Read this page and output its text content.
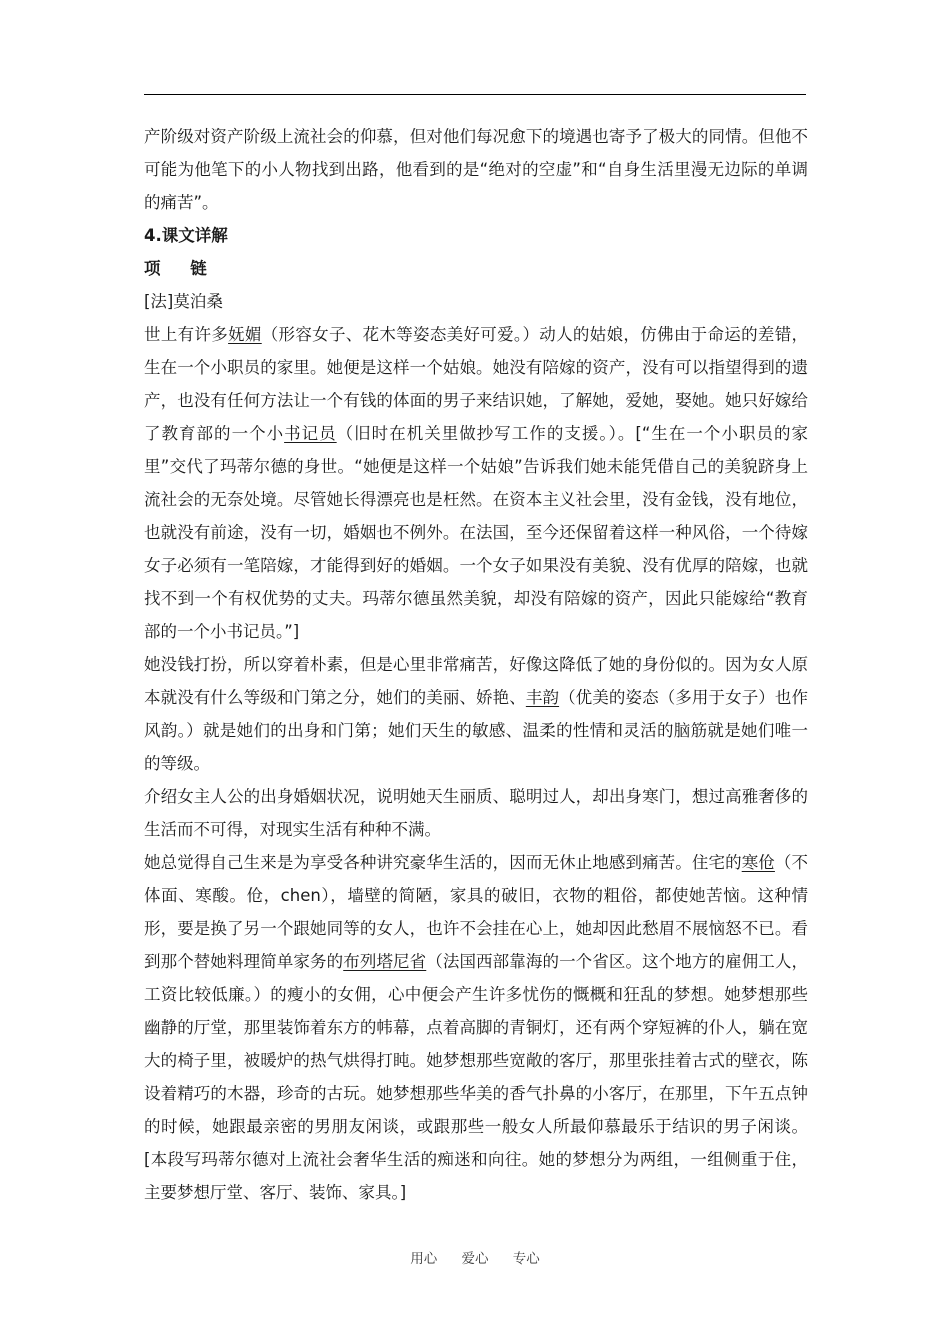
产阶级对资产阶级上流社会的仰慕，但对他们每况愈下的境遇也寄予了极大的同情。但他不可能为他笔下的小人物找到出路，他看到的是“绝对的空虚”和“自身生活里漫无边际的单调的痛苦”。

4.课文详解

项 链

[法]莫泊桑

世上有许多妩媚（形容女子、花木等姿态美好可爱。）动人的姑娘，仿佛由于命运的差错，生在一个小职员的家里。她便是这样一个姑娘。她没有陪嫁的资产，没有可以指望得到的遗产，也没有任何方法让一个有钱的体面的男子来结识她，了解她，爱她，娶她。她只好嫁给了教育部的一个小书记员（旧时在机关里做抄写工作的支援。）。[“生在一个小职员的家里”交代了玛蒂尔德的身世。“她便是这样一个姑娘”告诉我们她未能凭借自己的美貌跻身上流社会的无奈处境。尽管她长得漂亮也是枉然。在资本主义社会里，没有金钱，没有地位，也就没有前途，没有一切，婚姻也不例外。在法国，至今还保留着这样一种风俗，一个待嫁女子必须有一笔陪嫁，才能得到好的婚姻。一个女子如果没有美貌、没有优厚的陪嫁，也就找不到一个有权优势的丈夫。玛蒂尔德虽然美貌，却没有陪嫁的资产，因此只能嫁给“教育部的一个小书记员。”]

她没钱打扮，所以穿着朴素，但是心里非常痛苦，好像这降低了她的身份似的。因为女人原本就没有什么等级和门第之分，她们的美丽、娇艳、丰韵（优美的姿态（多用于女子）也作风韵。）就是她们的出身和门第；她们天生的敏感、温柔的性情和灵活的脑筋就是她们唯一的等级。

介绍女主人公的出身婚姻状况，说明她天生丽质、聪明过人，却出身寒门，想过高雅奢侈的生活而不可得，对现实生活有种种不满。

她总觉得自己生来是为享受各种讲究豪华生活的，因而无休止地感到痛苦。住宅的寒伧（不体面、寒酸。伧，chen），墙壁的简陋，家具的破旧，衣物的粗俗，都使她苦恼。这种情形，要是换了另一个跟她同等的女人，也许不会挂在心上，她却因此愁眉不展恼怒不已。看到那个替她料理简单家务的布列塔尼省（法国西部靠海的一个省区。这个地方的雇佣工人，工资比较低廉。）的瘦小的女佣，心中便会产生许多忧伤的慨概和狂乱的梦想。她梦想那些幽静的厅堂，那里装饰着东方的帏幕，点着高脚的青铜灯，还有两个穿短裤的仆人，躺在宽大的椅子里，被暖炉的热气烘得打盹。她梦想那些宽敞的客厅，那里张挂着古式的壁衣，陈设着精巧的木器，珍奇的古玩。她梦想那些华美的香气扑鼻的小客厅，在那里，下午五点钟的时候，她跟最亲密的男朋友闲谈，或跟那些一般女人所最仰慕最乐于结识的男子闲谈。[本段写玛蒂尔德对上流社会奢华生活的痴迷和向往。她的梦想分为两组，一组侧重于住，主要梦想厅堂、客厅、装饰、家具。]

用心 爱心 专心
